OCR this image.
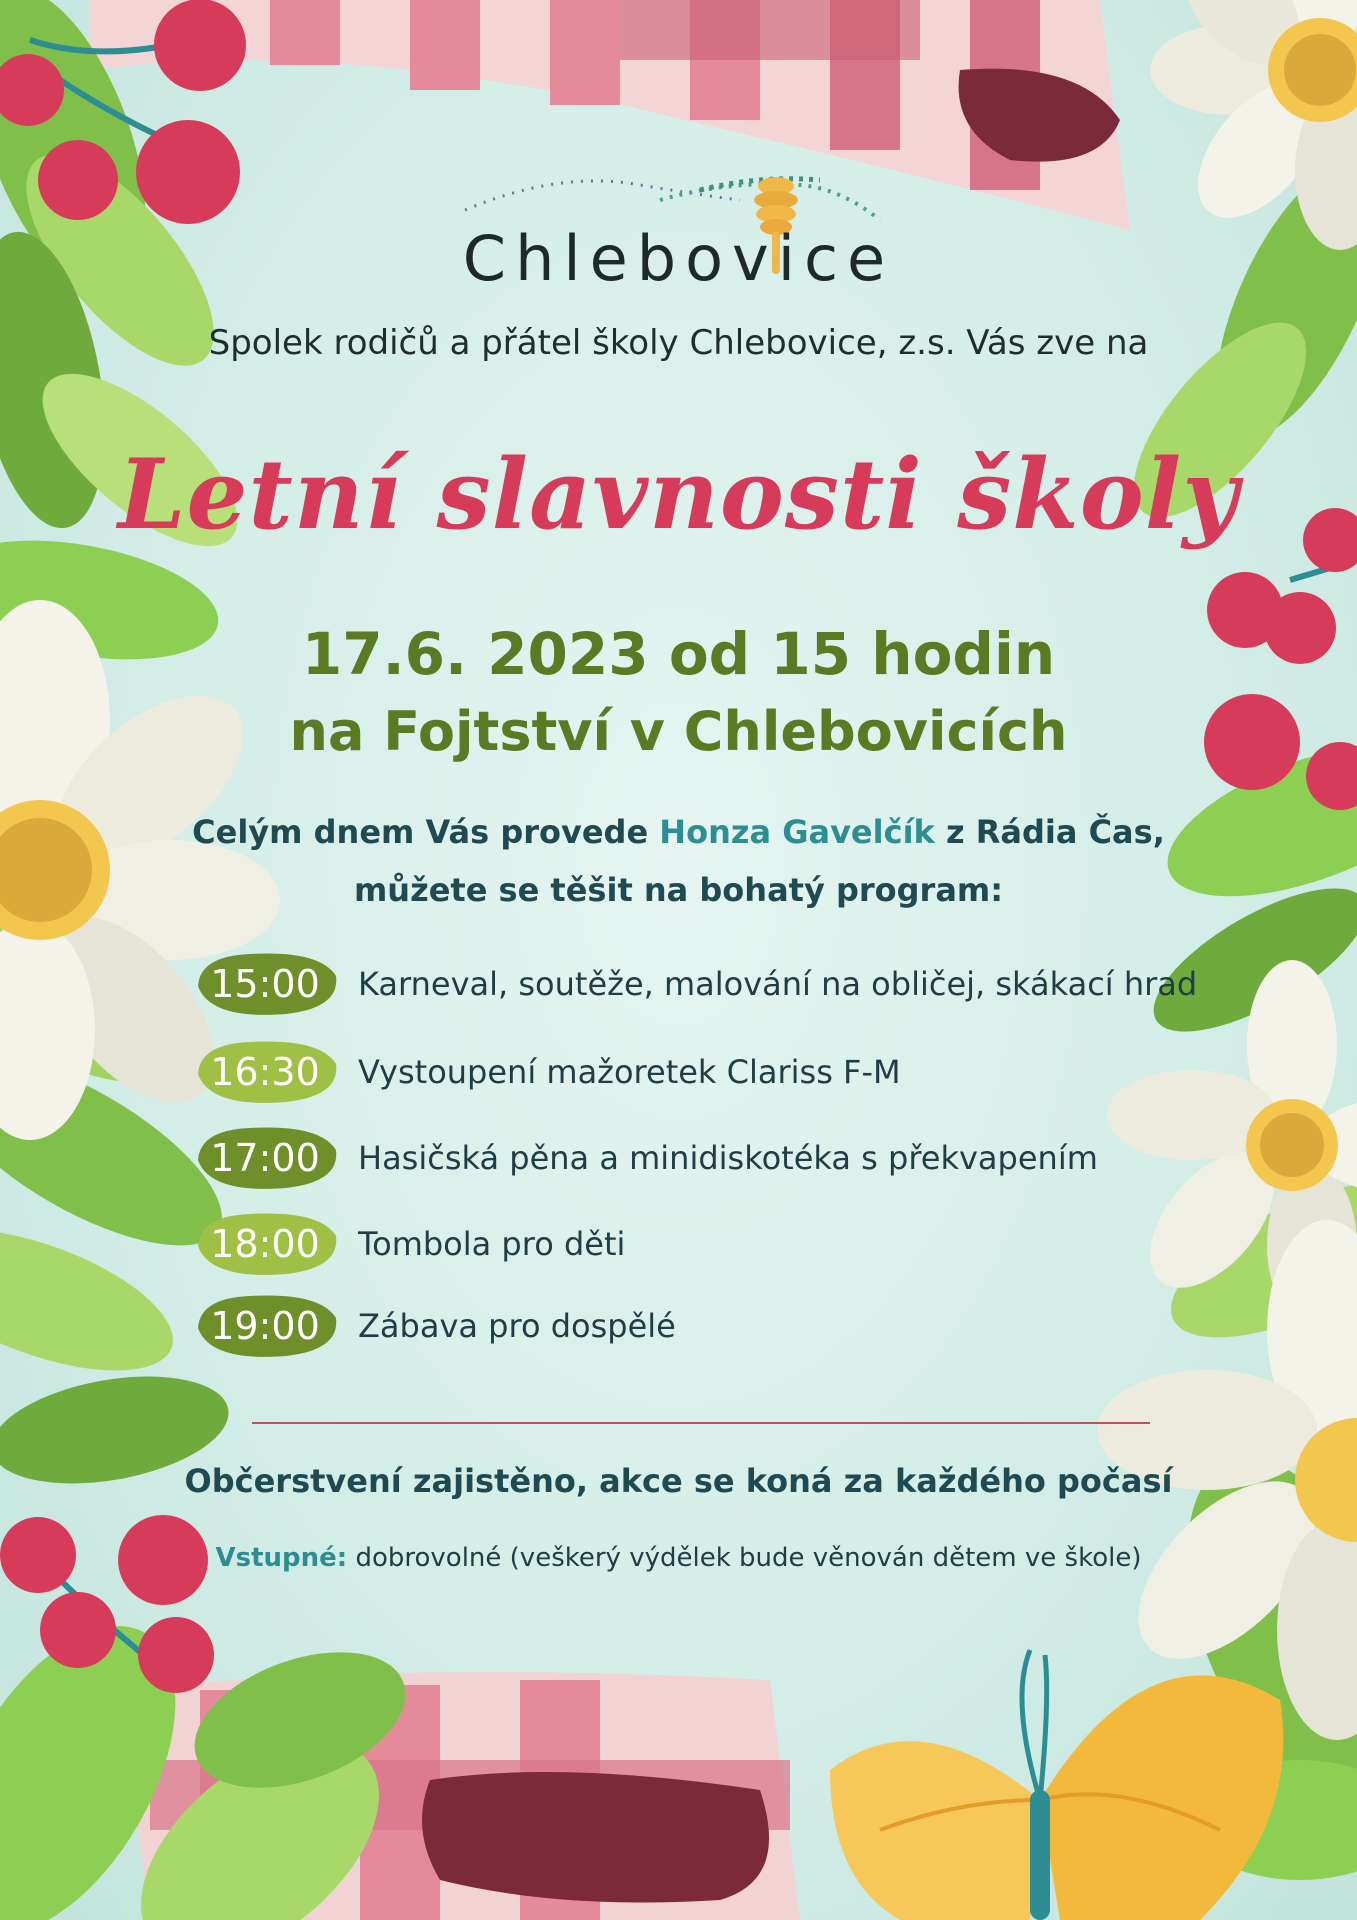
Chlebovice
Spolek rodičů a přátel školy Chlebovice, z.s. Vás zve na
Letní slavnosti školy
17.6. 2023 od 15 hodin
na Fojtství v Chlebovicích
Celým dnem Vás provede Honza Gavelčík z Rádia Čas,
můžete se těšit na bohatý program:
15:00	Karneval, soutěže, malování na obličej, skákací hrad
16:30	Vystoupení mažoretek Clariss F-M
17:00	Hasičská pěna a minidiskotéka s překvapením
18:00	Tombola pro děti
19:00	Zábava pro dospělé
Občerstvení zajistěno, akce se koná za každého počasí
Vstupné: dobrovolné (veškerý výdělek bude věnován dětem ve škole)
